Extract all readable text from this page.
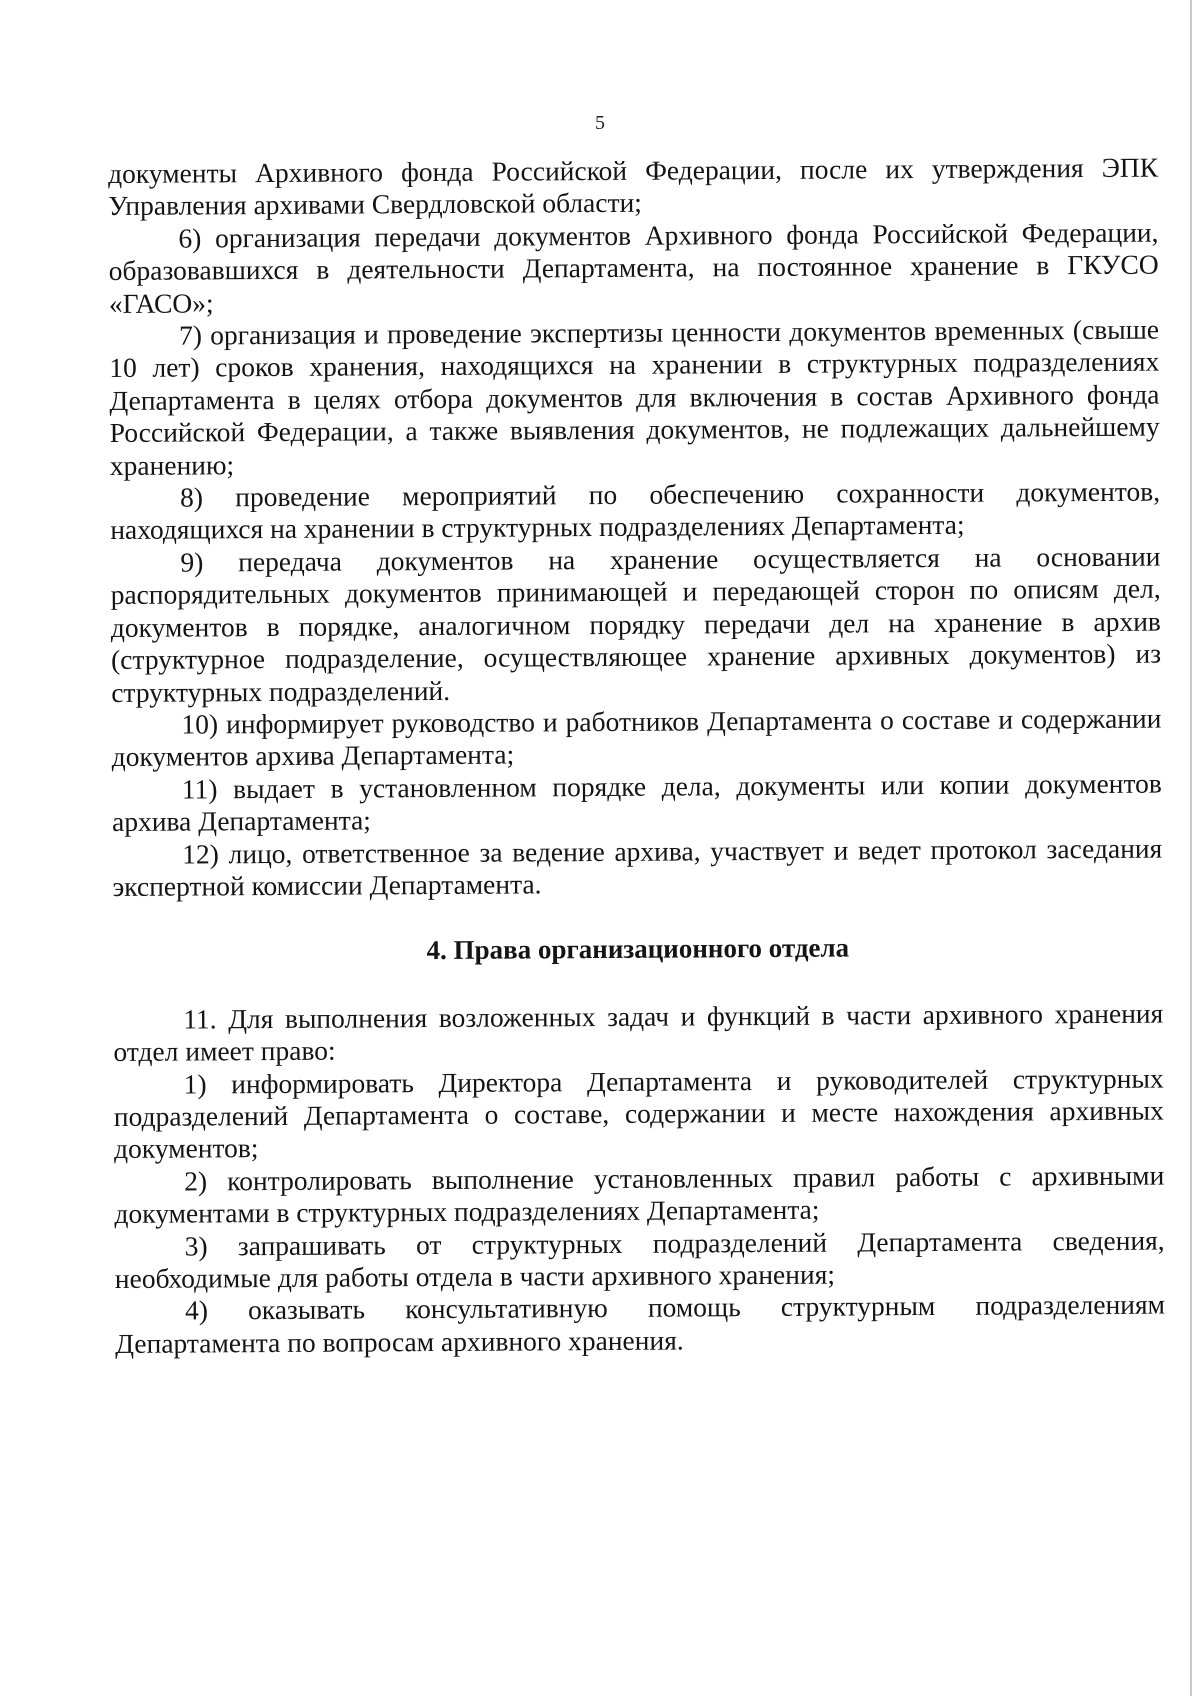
5

документы Архивного фонда Российской Федерации, после их утверждения ЭПК Управления архивами Свердловской области;

6) организация передачи документов Архивного фонда Российской Федерации, образовавшихся в деятельности Департамента, на постоянное хранение в ГКУСО «ГАСО»;

7) организация и проведение экспертизы ценности документов временных (свыше 10 лет) сроков хранения, находящихся на хранении в структурных подразделениях Департамента в целях отбора документов для включения в состав Архивного фонда Российской Федерации, а также выявления документов, не подлежащих дальнейшему хранению;

8) проведение мероприятий по обеспечению сохранности документов, находящихся на хранении в структурных подразделениях Департамента;

9) передача документов на хранение осуществляется на основании распорядительных документов принимающей и передающей сторон по описям дел, документов в порядке, аналогичном порядку передачи дел на хранение в архив (структурное подразделение, осуществляющее хранение архивных документов) из структурных подразделений.

10) информирует руководство и работников Департамента о составе и содержании документов архива Департамента;

11) выдает в установленном порядке дела, документы или копии документов архива Департамента;

12) лицо, ответственное за ведение архива, участвует и ведет протокол заседания экспертной комиссии Департамента.

4. Права организационного отдела

11. Для выполнения возложенных задач и функций в части архивного хранения отдел имеет право:

1) информировать Директора Департамента и руководителей структурных подразделений Департамента о составе, содержании и месте нахождения архивных документов;

2) контролировать выполнение установленных правил работы с архивными документами в структурных подразделениях Департамента;

3) запрашивать от структурных подразделений Департамента сведения, необходимые для работы отдела в части архивного хранения;

4) оказывать консультативную помощь структурным подразделениям Департамента по вопросам архивного хранения.
